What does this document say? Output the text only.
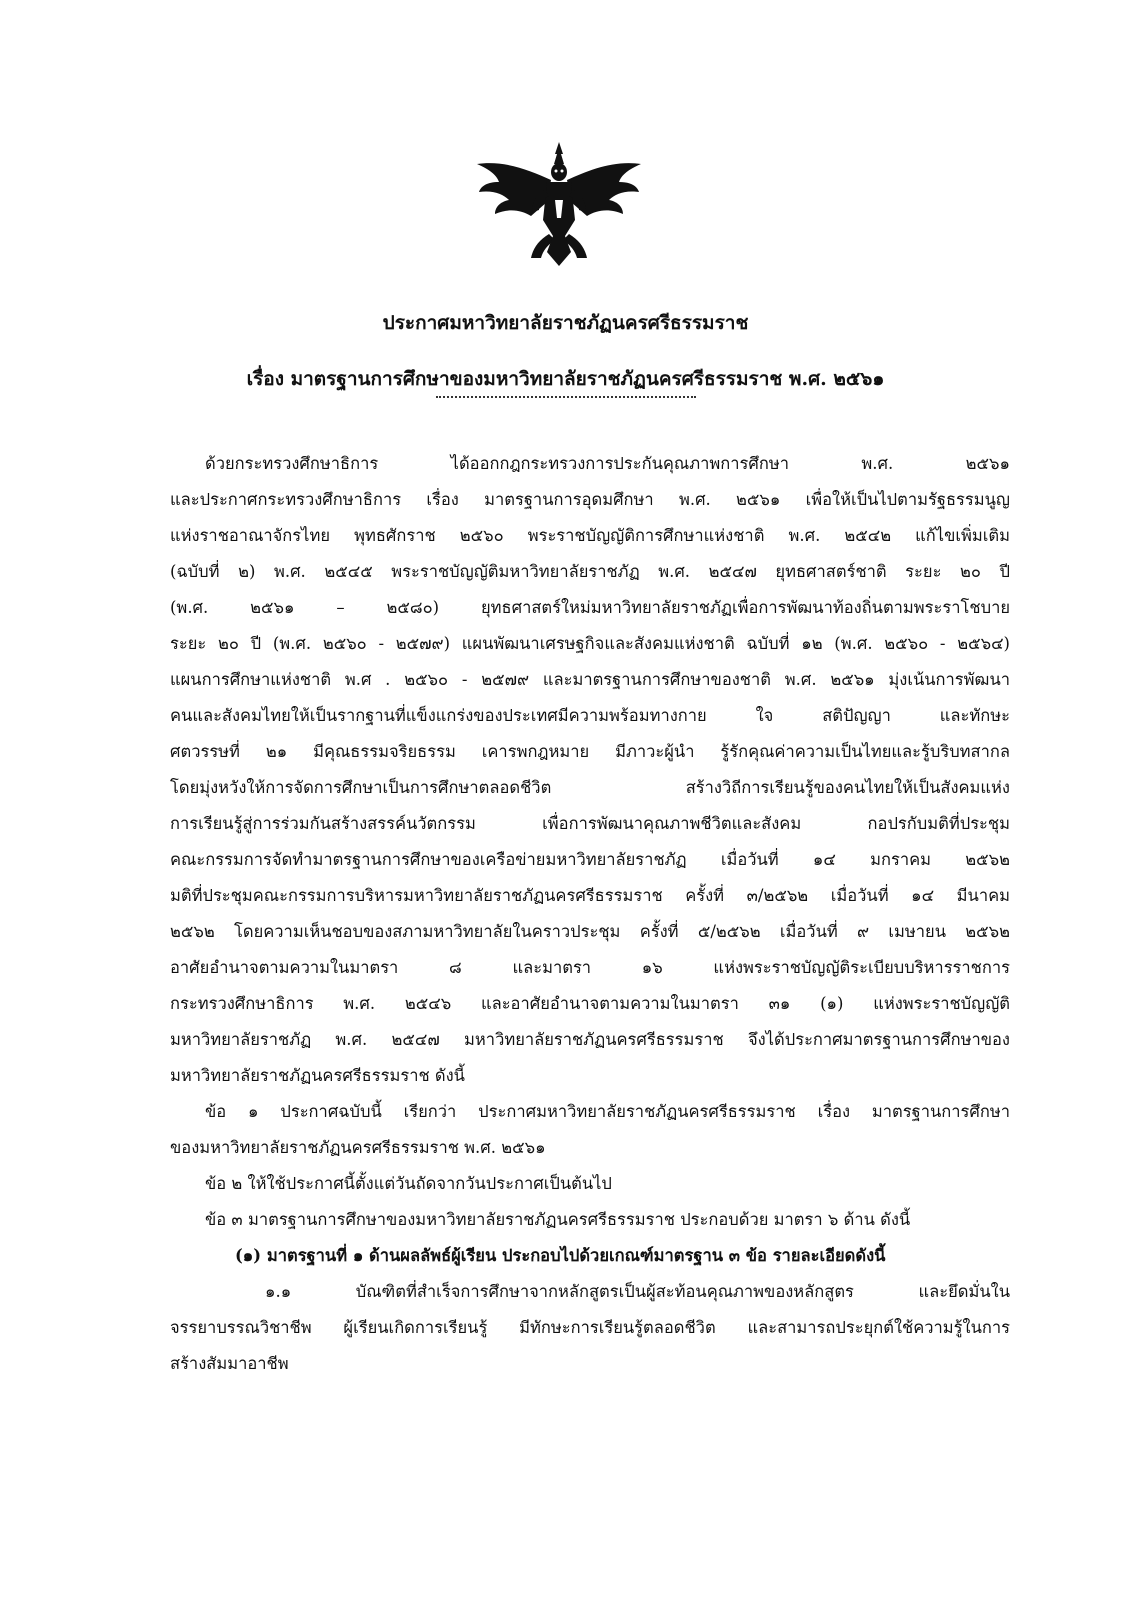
ประกาศมหาวิทยาลัยราชภัฏนครศรีธรรมราช
เรื่อง มาตรฐานการศึกษาของมหาวิทยาลัยราชภัฏนครศรีธรรมราช พ.ศ. ๒๕๖๑
ด้วยกระทรวงศึกษาธิการ ได้ออกกฎกระทรวงการประกันคุณภาพการศึกษา พ.ศ. ๒๕๖๑
และประกาศกระทรวงศึกษาธิการ เรื่อง มาตรฐานการอุดมศึกษา พ.ศ. ๒๕๖๑ เพื่อให้เป็นไปตามรัฐธรรมนูญ
แห่งราชอาณาจักรไทย พุทธศักราช ๒๕๖๐ พระราชบัญญัติการศึกษาแห่งชาติ พ.ศ. ๒๕๔๒ แก้ไขเพิ่มเติม
(ฉบับที่ ๒) พ.ศ. ๒๕๔๕ พระราชบัญญัติมหาวิทยาลัยราชภัฏ พ.ศ. ๒๕๔๗ ยุทธศาสตร์ชาติ ระยะ ๒๐ ปี
(พ.ศ. ๒๕๖๑ – ๒๕๘๐) ยุทธศาสตร์ใหม่มหาวิทยาลัยราชภัฏเพื่อการพัฒนาท้องถิ่นตามพระราโชบาย
ระยะ ๒๐ ปี (พ.ศ. ๒๕๖๐ - ๒๕๗๙) แผนพัฒนาเศรษฐกิจและสังคมแห่งชาติ ฉบับที่ ๑๒ (พ.ศ. ๒๕๖๐ - ๒๕๖๔)
แผนการศึกษาแห่งชาติ พ.ศ . ๒๕๖๐ - ๒๕๗๙ และมาตรฐานการศึกษาของชาติ พ.ศ. ๒๕๖๑ มุ่งเน้นการพัฒนา
คนและสังคมไทยให้เป็นรากฐานที่แข็งแกร่งของประเทศมีความพร้อมทางกาย ใจ สติปัญญา และทักษะ
ศตวรรษที่ ๒๑ มีคุณธรรมจริยธรรม เคารพกฎหมาย มีภาวะผู้นำ รู้รักคุณค่าความเป็นไทยและรู้บริบทสากล
โดยมุ่งหวังให้การจัดการศึกษาเป็นการศึกษาตลอดชีวิต สร้างวิถีการเรียนรู้ของคนไทยให้เป็นสังคมแห่ง
การเรียนรู้สู่การร่วมกันสร้างสรรค์นวัตกรรม เพื่อการพัฒนาคุณภาพชีวิตและสังคม กอปรกับมติที่ประชุม
คณะกรรมการจัดทำมาตรฐานการศึกษาของเครือข่ายมหาวิทยาลัยราชภัฏ เมื่อวันที่ ๑๔ มกราคม ๒๕๖๒
มติที่ประชุมคณะกรรมการบริหารมหาวิทยาลัยราชภัฏนครศรีธรรมราช ครั้งที่ ๓/๒๕๖๒ เมื่อวันที่ ๑๔ มีนาคม
๒๕๖๒ โดยความเห็นชอบของสภามหาวิทยาลัยในคราวประชุม ครั้งที่ ๕/๒๕๖๒ เมื่อวันที่ ๙ เมษายน ๒๕๖๒
อาศัยอำนาจตามความในมาตรา ๘ และมาตรา ๑๖ แห่งพระราชบัญญัติระเบียบบริหารราชการ
กระทรวงศึกษาธิการ พ.ศ. ๒๕๔๖ และอาศัยอำนาจตามความในมาตรา ๓๑ (๑) แห่งพระราชบัญญัติ
มหาวิทยาลัยราชภัฏ พ.ศ. ๒๕๔๗ มหาวิทยาลัยราชภัฏนครศรีธรรมราช จึงได้ประกาศมาตรฐานการศึกษาของ
มหาวิทยาลัยราชภัฏนครศรีธรรมราช ดังนี้
ข้อ ๑ ประกาศฉบับนี้ เรียกว่า ประกาศมหาวิทยาลัยราชภัฏนครศรีธรรมราช เรื่อง มาตรฐานการศึกษา
ของมหาวิทยาลัยราชภัฏนครศรีธรรมราช พ.ศ. ๒๕๖๑
ข้อ ๒ ให้ใช้ประกาศนี้ตั้งแต่วันถัดจากวันประกาศเป็นต้นไป
ข้อ ๓ มาตรฐานการศึกษาของมหาวิทยาลัยราชภัฏนครศรีธรรมราช ประกอบด้วย มาตรา ๖ ด้าน ดังนี้
(๑) มาตรฐานที่ ๑ ด้านผลลัพธ์ผู้เรียน ประกอบไปด้วยเกณฑ์มาตรฐาน ๓ ข้อ รายละเอียดดังนี้
๑.๑ บัณฑิตที่สำเร็จการศึกษาจากหลักสูตรเป็นผู้สะท้อนคุณภาพของหลักสูตร และยึดมั่นใน
จรรยาบรรณวิชาชีพ ผู้เรียนเกิดการเรียนรู้ มีทักษะการเรียนรู้ตลอดชีวิต และสามารถประยุกต์ใช้ความรู้ในการ
สร้างสัมมาอาชีพ
